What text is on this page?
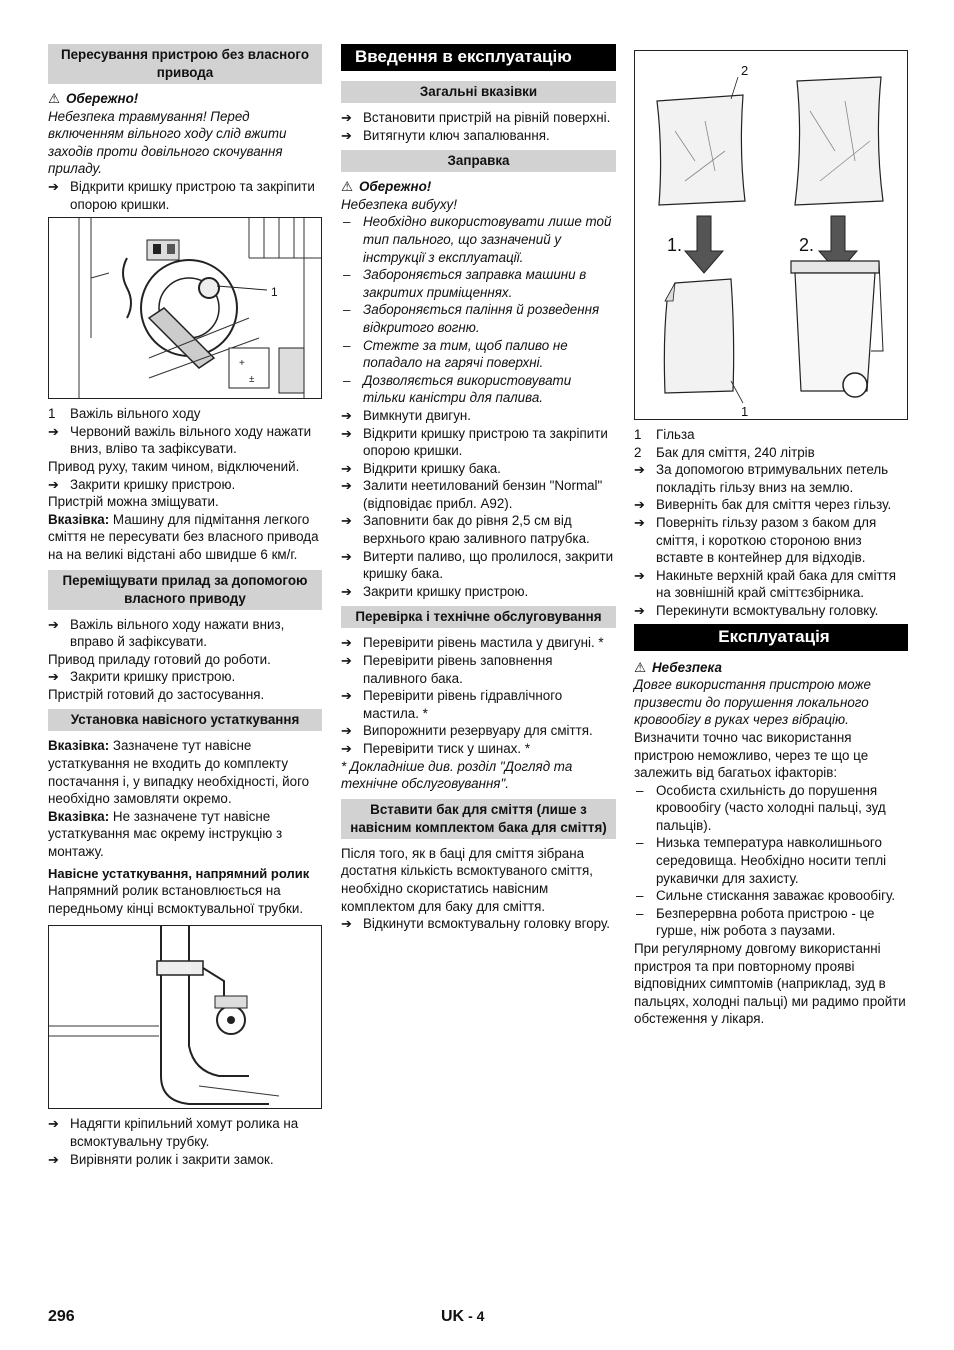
Пересування пристрою без власного привода
⚠ Обережно!
Небезпека травмування! Перед включенням вільного ходу слід вжити заходів проти довільного скочування приладу.
➔ Відкрити кришку пристрою та закріпити опорою кришки.
+
±
1
1 Важіль вільного ходу
➔ Червоний важіль вільного ходу нажати вниз, вліво та зафіксувати.
Привод руху, таким чином, відключений.
➔ Закрити кришку пристрою.
Пристрій можна зміщувати.
Вказівка: Машину для підмітання легкого сміття не пересувати без власного привода на на великі відстані або швидше 6 км/г.
Переміщувати прилад за допомогою власного приводу
➔ Важіль вільного ходу нажати вниз, вправо й зафіксувати.
Привод приладу готовий до роботи.
➔ Закрити кришку пристрою.
Пристрій готовий до застосування.
Установка навісного устаткування
Вказівка: Зазначене тут навісне устаткування не входить до комплекту постачання і, у випадку необхідності, його необхідно замовляти окремо.
Вказівка: Не зазначене тут навісне устаткування має окрему інструкцію з монтажу.
Навісне устаткування, напрямний ролик
Напрямний ролик встановлюється на передньому кінці всмоктувальної трубки.
➔ Надягти кріпильний хомут ролика на всмоктувальну трубку.
➔ Вирівняти ролик і закрити замок.
Введення в експлуатацію
Загальні вказівки
➔ Встановити пристрій на рівній поверхні.
➔ Витягнути ключ запалювання.
Заправка
⚠ Обережно!
Небезпека вибуху!
– Необхідно використовувати лише той тип пального, що зазначений у інструкції з експлуатації.
– Забороняється заправка машини в закритих приміщеннях.
– Забороняється паління й розведення відкритого вогню.
– Стежте за тим, щоб паливо не попадало на гарячі поверхні.
– Дозволяється використовувати тільки каністри для палива.
➔ Вимкнути двигун.
➔ Відкрити кришку пристрою та закріпити опорою кришки.
➔ Відкрити кришку бака.
➔ Залити неетилований бензин "Normal" (відповідає прибл. A92).
➔ Заповнити бак до рівня 2,5 см від верхнього краю заливного патрубка.
➔ Витерти паливо, що пролилося, закрити кришку бака.
➔ Закрити кришку пристрою.
Перевірка і технічне обслуговування
➔ Перевірити рівень мастила у двигуні. *
➔ Перевірити рівень заповнення паливного бака.
➔ Перевірити рівень гідравлічного мастила. *
➔ Випорожнити резервуару для сміття.
➔ Перевірити тиск у шинах. *
* Докладніше див. розділ "Догляд та технічне обслуговування".
Вставити бак для сміття (лише з навісним комплектом бака для сміття)
Після того, як в баці для сміття зібрана достатня кількість всмоктуваного сміття, необхідно скористатись навісним комплектом для баку для сміття.
➔ Відкинути всмоктувальну головку вгору.
2
1.	2.
1
1 Гільза
2 Бак для сміття, 240 літрів
➔ За допомогою втримувальних петель покладіть гільзу вниз на землю.
➔ Виверніть бак для сміття через гільзу.
➔ Поверніть гільзу разом з баком для сміття, і короткою стороною вниз вставте в контейнер для відходів.
➔ Накиньте верхній край бака для сміття на зовнішній край сміттєзбірника.
➔ Перекинути всмоктувальну головку.
Експлуатація
⚠ Небезпека
Довге використання пристрою може призвести до порушення локального кровообігу в руках через вібрацію.
Визначити точно час використання пристрою неможливо, через те що це залежить від багатьох іфакторів:
– Особиста схильність до порушення кровообігу (часто холодні пальці, зуд пальців).
– Низька температура навколишнього середовища. Необхідно носити теплі рукавички для захисту.
– Сильне стискання заважає кровообігу.
– Безперервна робота пристрою - це гурше, ніж робота з паузами.
При регулярному довгому використанні пристроя та при повторному прояві відповідних симптомів (наприклад, зуд в пальцях, холодні пальці) ми радимо пройти обстеження у лікаря.
296	UK - 4
